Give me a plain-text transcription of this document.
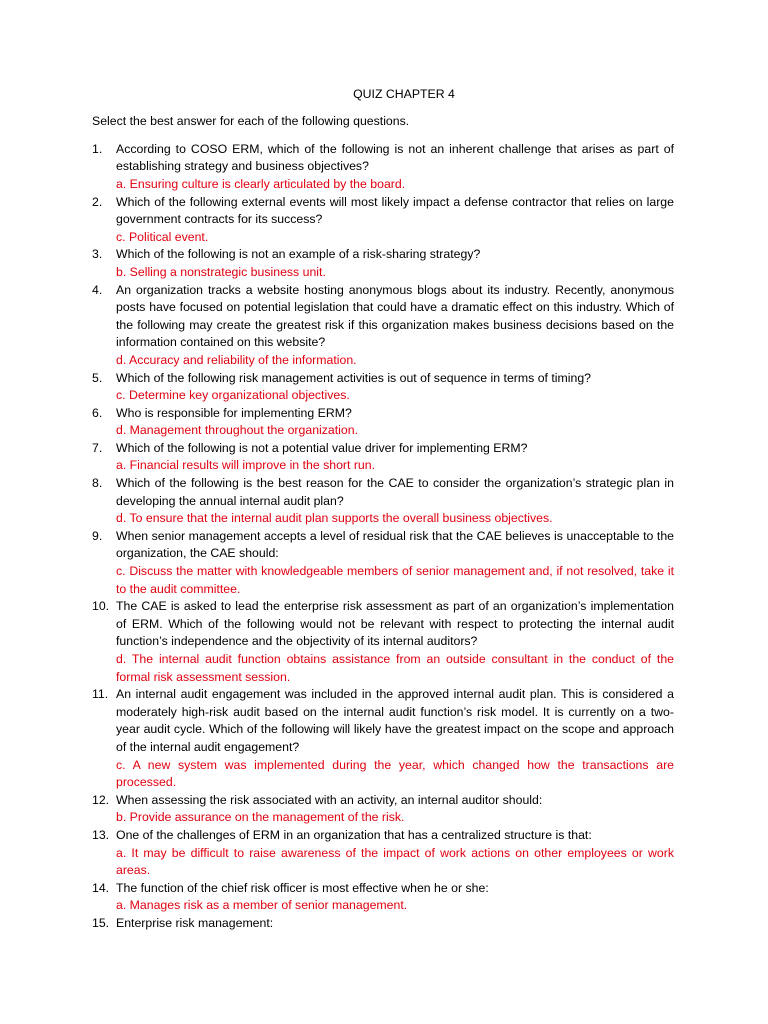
QUIZ CHAPTER 4
Select the best answer for each of the following questions.
1. According to COSO ERM, which of the following is not an inherent challenge that arises as part of establishing strategy and business objectives?
a. Ensuring culture is clearly articulated by the board.
2. Which of the following external events will most likely impact a defense contractor that relies on large government contracts for its success?
c. Political event.
3. Which of the following is not an example of a risk-sharing strategy?
b. Selling a nonstrategic business unit.
4. An organization tracks a website hosting anonymous blogs about its industry. Recently, anonymous posts have focused on potential legislation that could have a dramatic effect on this industry. Which of the following may create the greatest risk if this organization makes business decisions based on the information contained on this website?
d. Accuracy and reliability of the information.
5. Which of the following risk management activities is out of sequence in terms of timing?
c. Determine key organizational objectives.
6. Who is responsible for implementing ERM?
d. Management throughout the organization.
7. Which of the following is not a potential value driver for implementing ERM?
a. Financial results will improve in the short run.
8. Which of the following is the best reason for the CAE to consider the organization’s strategic plan in developing the annual internal audit plan?
d. To ensure that the internal audit plan supports the overall business objectives.
9. When senior management accepts a level of residual risk that the CAE believes is unacceptable to the organization, the CAE should:
c. Discuss the matter with knowledgeable members of senior management and, if not resolved, take it to the audit committee.
10. The CAE is asked to lead the enterprise risk assessment as part of an organization’s implementation of ERM. Which of the following would not be relevant with respect to protecting the internal audit function’s independence and the objectivity of its internal auditors?
d. The internal audit function obtains assistance from an outside consultant in the conduct of the formal risk assessment session.
11. An internal audit engagement was included in the approved internal audit plan. This is considered a moderately high-risk audit based on the internal audit function’s risk model. It is currently on a two-year audit cycle. Which of the following will likely have the greatest impact on the scope and approach of the internal audit engagement?
c. A new system was implemented during the year, which changed how the transactions are processed.
12. When assessing the risk associated with an activity, an internal auditor should:
b. Provide assurance on the management of the risk.
13. One of the challenges of ERM in an organization that has a centralized structure is that:
a. It may be difficult to raise awareness of the impact of work actions on other employees or work areas.
14. The function of the chief risk officer is most effective when he or she:
a. Manages risk as a member of senior management.
15. Enterprise risk management:
